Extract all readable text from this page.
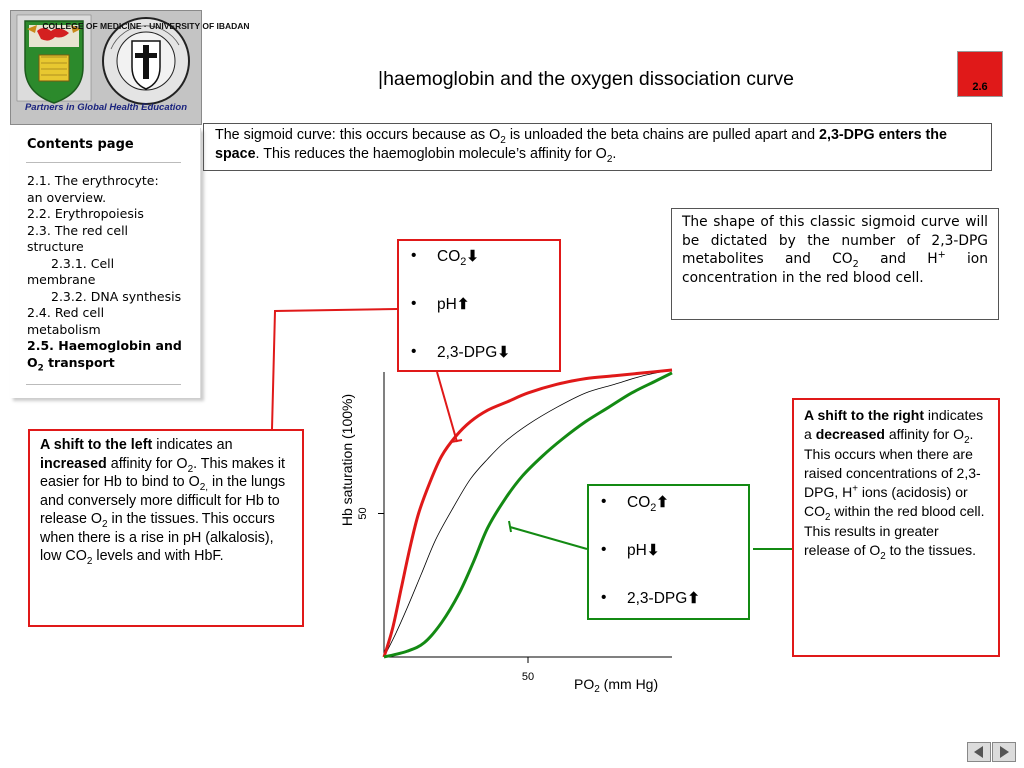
COLLEGE OF MEDICINE · UNIVERSITY OF IBADAN
Partners in Global Health Education
|haemoglobin and the oxygen dissociation curve	2.6
Contents page
2.1. The erythrocyte:
an overview.
2.2. Erythropoiesis
2.3. The red cell
structure
2.3.1. Cell
membrane
2.3.2. DNA synthesis
2.4. Red cell
metabolism
2.5. Haemoglobin and
$O_2$ transport
The sigmoid curve: this occurs because as $O_2$ is unloaded the beta chains are pulled apart and 2,3-DPG enters the space. This reduces the haemoglobin molecule’s affinity for $O_2$.
The shape of this classic sigmoid curve will be dictated by the number of 2,3-DPG metabolites and $CO_2$ and H+ ion concentration in the red blood cell.
50
50
Hb saturation (100%)
$PO_2$ (mm Hg)
• $CO_2⬇$
• pH⬆
• 2,3-DPG⬇
• $CO_2⬆$
• pH⬇
• 2,3-DPG⬆
A shift to the left indicates an increased affinity for $O_2$. This makes it easier for Hb to bind to $O_{2,}$ in the lungs and conversely more difficult for Hb to release $O_2$ in the tissues. This occurs when there is a rise in pH (alkalosis), low $CO_2$ levels and with HbF.
A shift to the right indicates a decreased affinity for $O_2$. This occurs when there are raised concentrations of 2,3-DPG, H+ ions (acidosis) or $CO_2$ within the red blood cell. This results in greater release of $O_2$ to the tissues.
